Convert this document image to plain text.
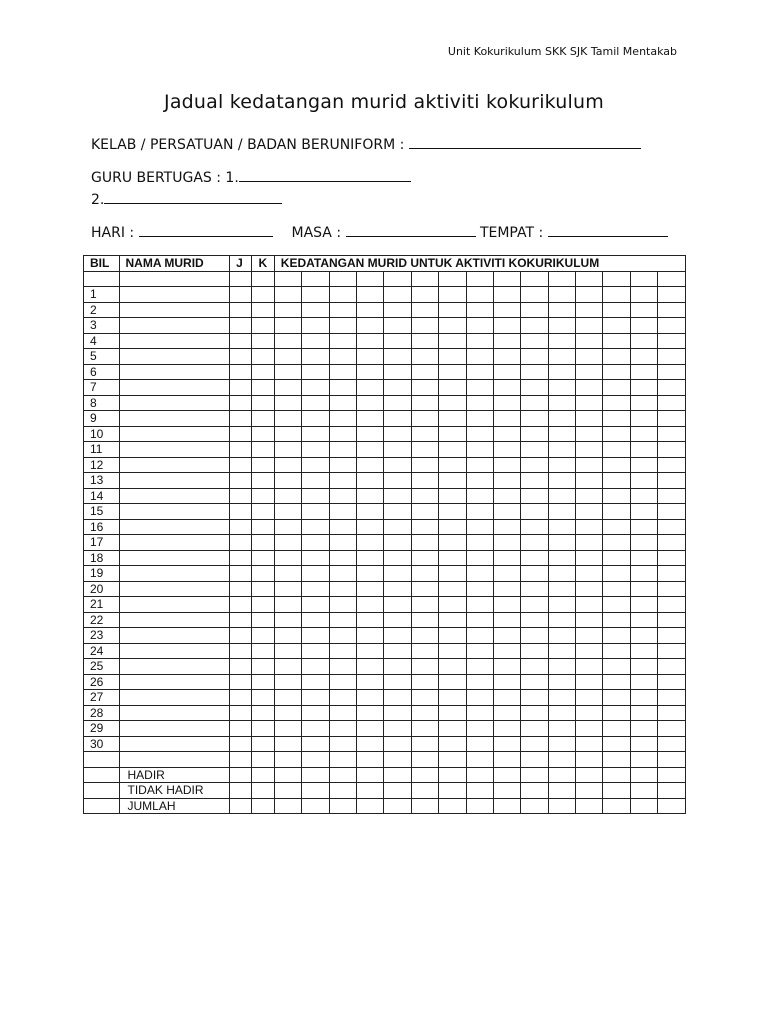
Unit Kokurikulum SKK SJK Tamil Mentakab
Jadual kedatangan murid aktiviti kokurikulum
KELAB / PERSATUAN / BADAN BERUNIFORM :
GURU BERTUGAS : 1.
2.
HARI :	MASA :	TEMPAT :
BIL	NAMA MURID	J	K	KEDATANGAN MURID UNTUK AKTIVITI KOKURIKULUM														

1																		
2																		
3																		
4																		
5																		
6																		
7																		
8																		
9																		
10																		
11																		
12																		
13																		
14																		
15																		
16																		
17																		
18																		
19																		
20																		
21																		
22																		
23																		
24																		
25																		
26																		
27																		
28																		
29																		
30																		

	HADIR																	
	TIDAK HADIR																	
	JUMLAH																	
